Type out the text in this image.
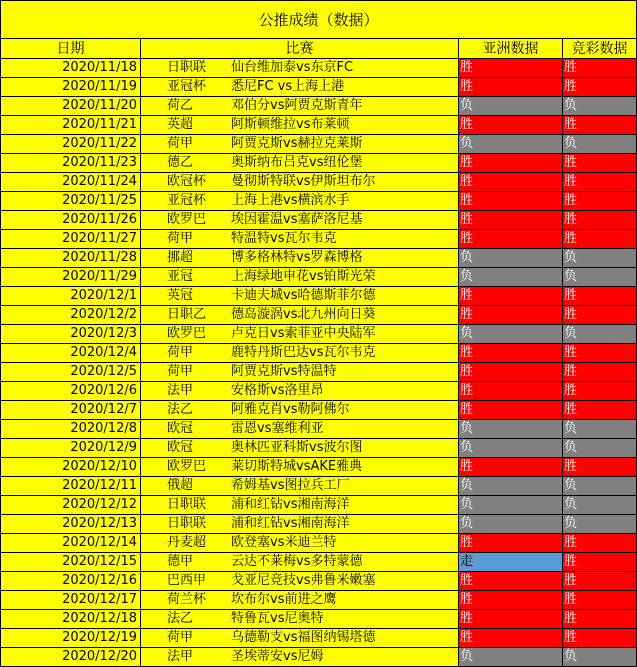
公推成绩（数据）			
日期	比赛	亚洲数据	竞彩数据
2020/11/18	日职联 仙台维加泰vs东京FC	胜	胜
2020/11/19	亚冠杯 悉尼FC vs上海上港	胜	胜
2020/11/20	荷乙 邓伯分vs阿贾克斯青年	负	负
2020/11/21	英超 阿斯顿维拉vs布莱顿	胜	胜
2020/11/22	荷甲 阿贾克斯vs赫拉克莱斯	负	负
2020/11/23	德乙 奥斯纳布吕克vs纽伦堡	胜	胜
2020/11/24	欧冠杯 曼彻斯特联vs伊斯坦布尔	胜	胜
2020/11/25	亚冠杯 上海上港vs横滨水手	胜	胜
2020/11/26	欧罗巴 埃因霍温vs塞萨洛尼基	胜	胜
2020/11/27	荷甲 特温特vs瓦尔韦克	胜	胜
2020/11/28	挪超 博多格林特vs罗森博格	负	负
2020/11/29	亚冠 上海绿地申花vs铂斯光荣	负	负
2020/12/1	英冠 卡迪夫城vs哈德斯菲尔德	胜	胜
2020/12/2	日职乙 德岛漩涡vs北九州向日葵	胜	胜
2020/12/3	欧罗巴 卢克日vs索菲亚中央陆军	负	负
2020/12/4	荷甲 鹿特丹斯巴达vs瓦尔韦克	胜	胜
2020/12/5	荷甲 阿贾克斯vs特温特	胜	胜
2020/12/6	法甲 安格斯vs洛里昂	胜	胜
2020/12/7	法乙 阿雅克肖vs勒阿佛尔	胜	胜
2020/12/8	欧冠 雷恩vs塞维利亚	负	负
2020/12/9	欧冠 奥林匹亚科斯vs波尔图	负	负
2020/12/10	欧罗巴 莱切斯特城vsAKE雅典	胜	胜
2020/12/11	俄超 希姆基vs图拉兵工厂	负	负
2020/12/12	日职联 浦和红钻vs湘南海洋	负	负
2020/12/13	日职联 浦和红钻vs湘南海洋	负	负
2020/12/14	丹麦超 欧登塞vs米迪兰特	胜	胜
2020/12/15	德甲 云达不莱梅vs多特蒙德	走	胜
2020/12/16	巴西甲 戈亚尼竞技vs弗鲁米嫩塞	胜	胜
2020/12/17	荷兰杯 坎布尔vs前进之鹰	胜	胜
2020/12/18	法乙 特鲁瓦vs尼奥特	胜	胜
2020/12/19	荷甲 乌德勒支vs福图纳锡塔德	胜	胜
2020/12/20	法甲 圣埃蒂安vs尼姆	负	负
